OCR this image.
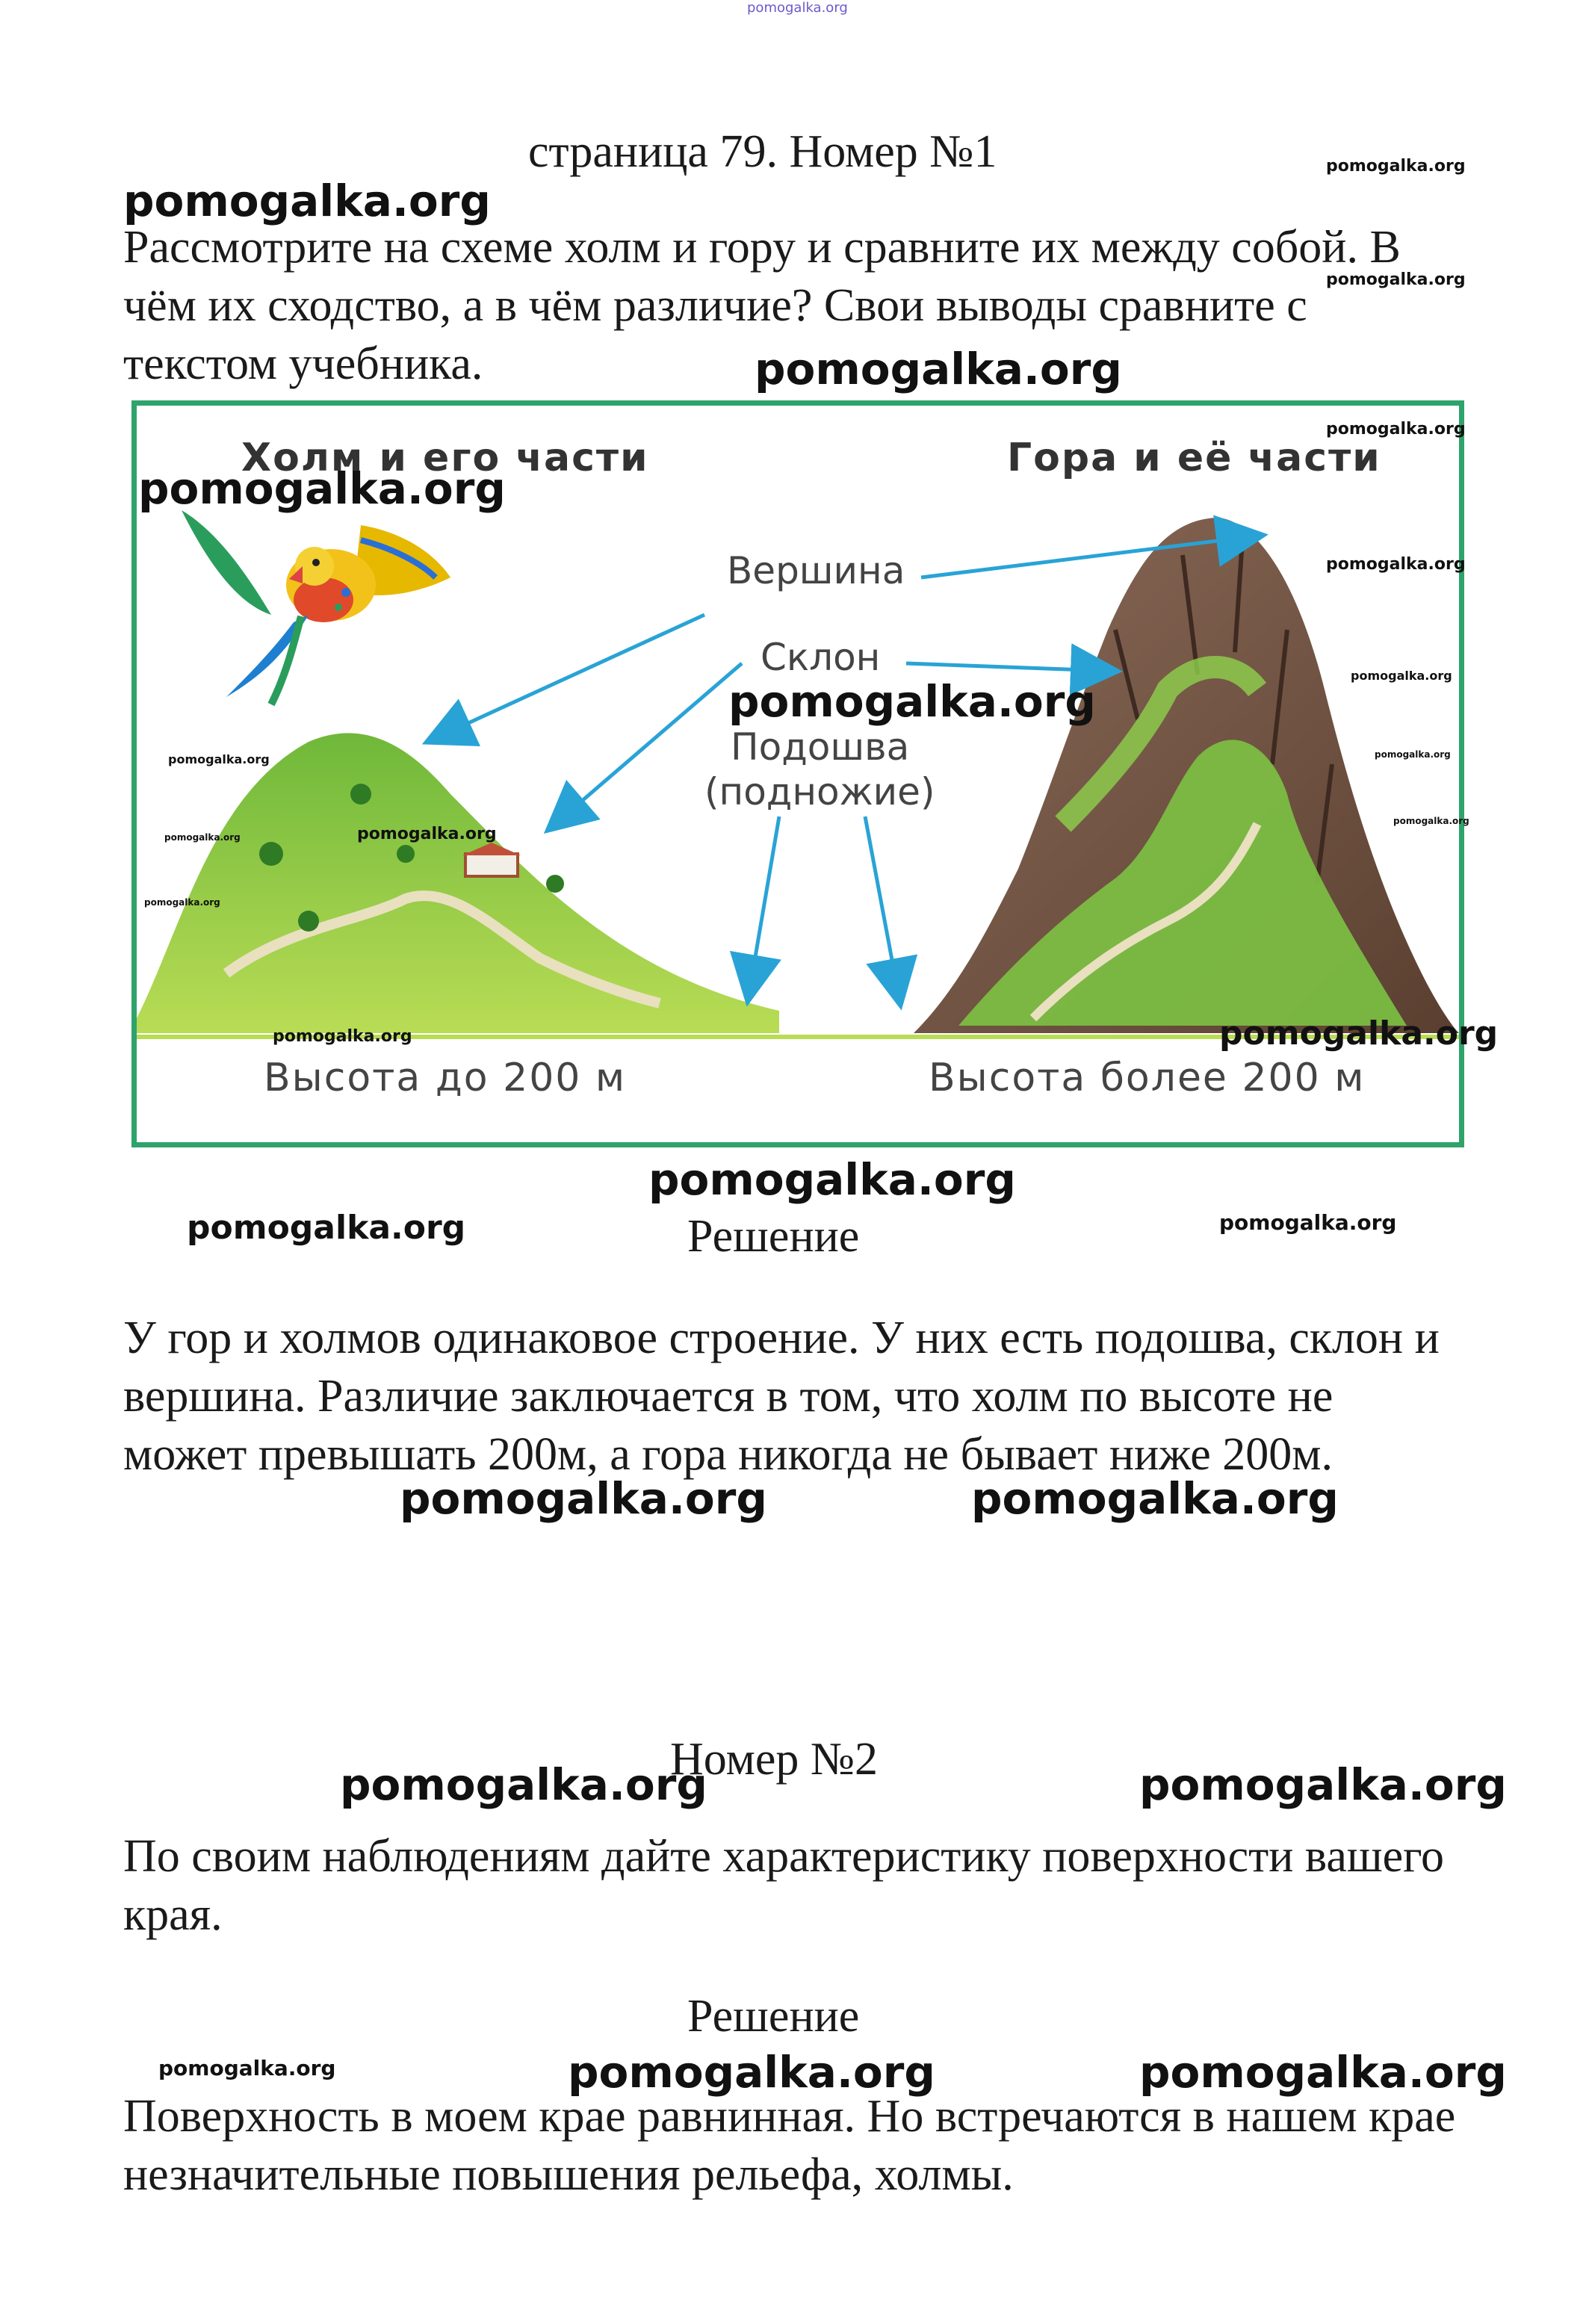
pomogalka.org
страница 79. Номер №1
Рассмотрите на схеме холм и гору и сравните их между собой. В чём их сходство, а в чём различие? Свои выводы сравните с текстом учебника.
Холм и его части	Гора и её части
Вершина
Склон
Подошва
(подножие)
Высота до 200 м	Высота более 200 м
Решение
У гор и холмов одинаковое строение. У них есть подошва, склон и вершина. Различие заключается в том, что холм по высоте не может превышать 200м, а гора никогда не бывает ниже 200м.
Номер №2
По своим наблюдениям дайте характеристику поверхности вашего края.
Решение
Поверхность в моем крае равнинная. Но встречаются в нашем крае незначительные повышения рельефа, холмы.
pomogalka.org
pomogalka.org
pomogalka.org
pomogalka.org
pomogalka.org
pomogalka.org
pomogalka.org
pomogalka.org
pomogalka.org
pomogalka.org	pomogalka.org
pomogalka.org	pomogalka.org
pomogalka.org
pomogalka.org
pomogalka.org	pomogalka.org
pomogalka.org
pomogalka.org	pomogalka.org
pomogalka.org	pomogalka.org
pomogalka.org	pomogalka.org
pomogalka.org	pomogalka.org	pomogalka.org
